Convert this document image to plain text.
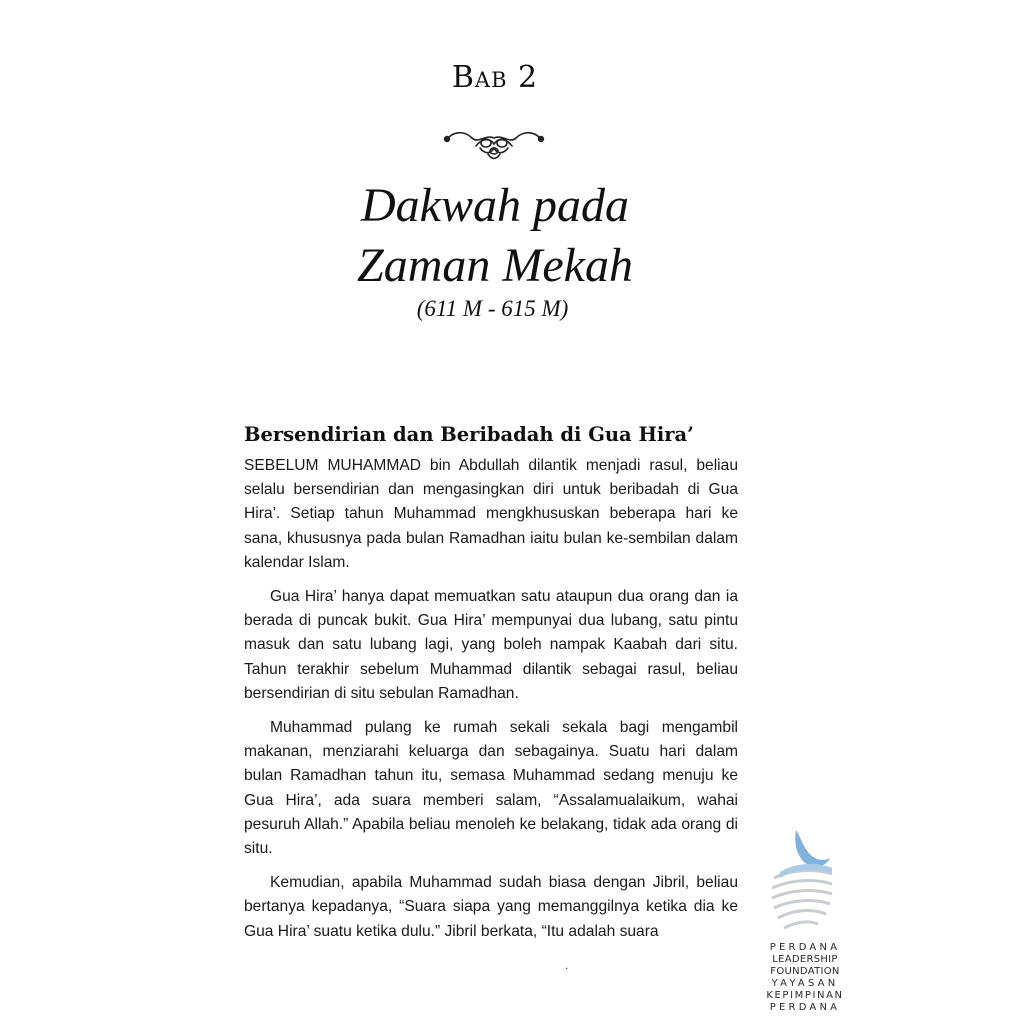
Bab 2
Dakwah pada
Zaman Mekah
(611 M - 615 M)
Bersendirian dan Beribadah di Gua Hira’

SEBELUM MUHAMMAD bin Abdullah dilantik menjadi rasul, beliau selalu bersendirian dan mengasingkan diri untuk beribadah di Gua Hira’. Setiap tahun Muhammad mengkhususkan beberapa hari ke sana, khususnya pada bulan Ramadhan iaitu bulan ke-sembilan dalam kalendar Islam.

Gua Hira’ hanya dapat memuatkan satu ataupun dua orang dan ia berada di puncak bukit. Gua Hira’ mempunyai dua lubang, satu pintu masuk dan satu lubang lagi, yang boleh nampak Kaabah dari situ. Tahun terakhir sebelum Muhammad dilantik sebagai rasul, beliau bersendirian di situ sebulan Ramadhan.

Muhammad pulang ke rumah sekali sekala bagi mengambil makanan, menziarahi keluarga dan sebagainya. Suatu hari dalam bulan Ramadhan tahun itu, semasa Muhammad sedang menuju ke Gua Hira’, ada suara memberi salam, “Assalamualaikum, wahai pesuruh Allah.” Apabila beliau menoleh ke belakang, tidak ada orang di situ.

Kemudian, apabila Muhammad sudah biasa dengan Jibril, beliau bertanya kepadanya, “Suara siapa yang memanggilnya ketika dia ke Gua Hira’ suatu ketika dulu.” Jibril berkata, “Itu adalah suara

.
PERDANA
LEADERSHIP
FOUNDATION
YAYASAN
KEPIMPINAN
PERDANA
